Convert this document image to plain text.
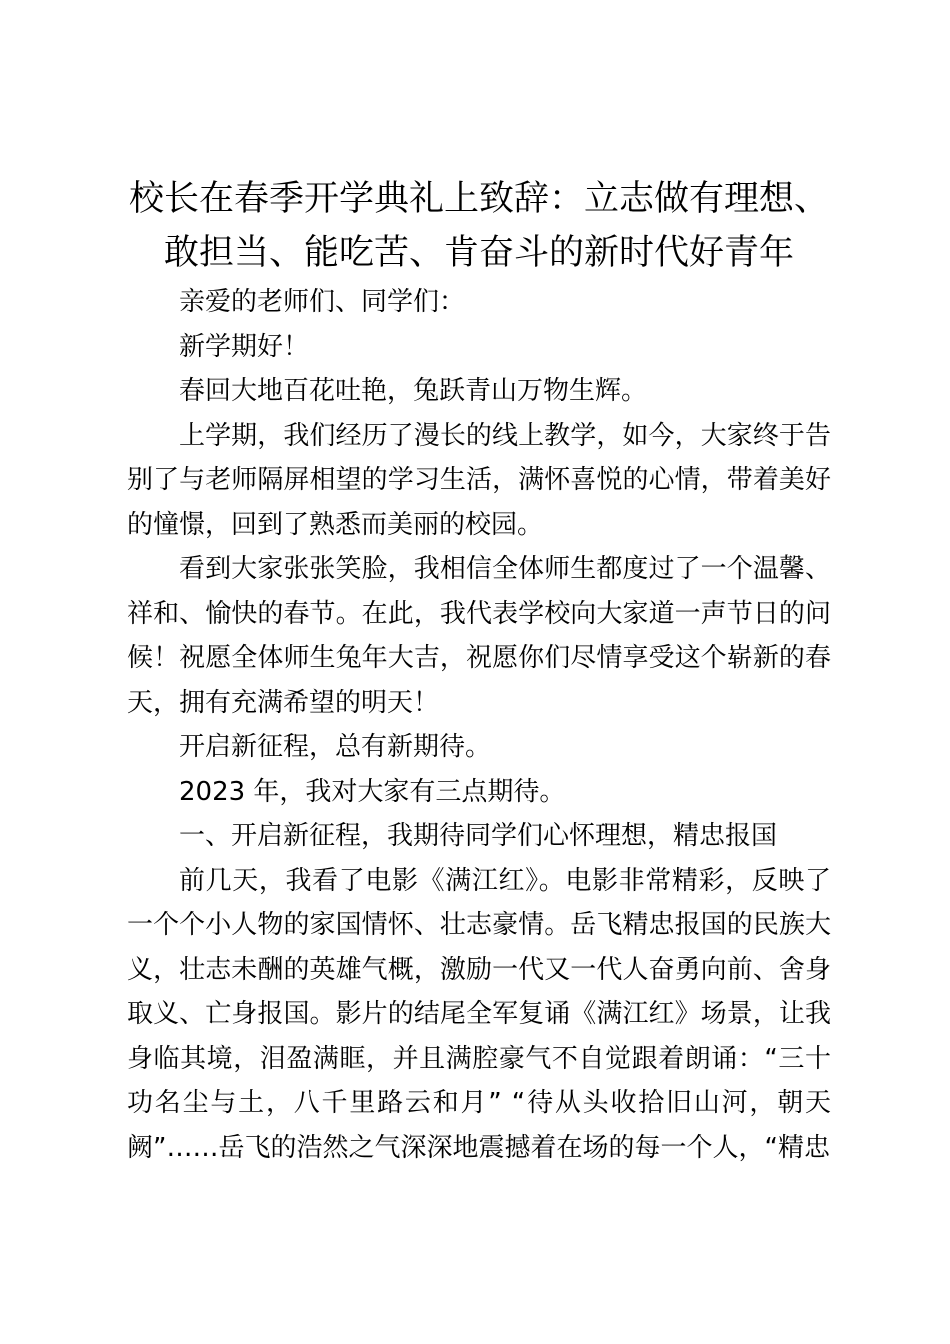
校长在春季开学典礼上致辞：立志做有理想、
敢担当、能吃苦、肯奋斗的新时代好青年

亲爱的老师们、同学们：

新学期好！

春回大地百花吐艳，兔跃青山万物生辉。

上学期，我们经历了漫长的线上教学，如今，大家终于告别了与老师隔屏相望的学习生活，满怀喜悦的心情，带着美好的憧憬，回到了熟悉而美丽的校园。

看到大家张张笑脸，我相信全体师生都度过了一个温馨、祥和、愉快的春节。在此，我代表学校向大家道一声节日的问候！祝愿全体师生兔年大吉，祝愿你们尽情享受这个崭新的春天，拥有充满希望的明天！

开启新征程，总有新期待。

2023 年，我对大家有三点期待。

一、开启新征程，我期待同学们心怀理想，精忠报国

前几天，我看了电影《满江红》。电影非常精彩，反映了一个个小人物的家国情怀、壮志豪情。岳飞精忠报国的民族大义，壮志未酬的英雄气概，激励一代又一代人奋勇向前、舍身取义、亡身报国。影片的结尾全军复诵《满江红》场景，让我身临其境，泪盈满眶，并且满腔豪气不自觉跟着朗诵：“三十功名尘与土，八千里路云和月” “待从头收拾旧山河，朝天阙”……岳飞的浩然之气深深地震撼着在场的每一个人，“精忠
